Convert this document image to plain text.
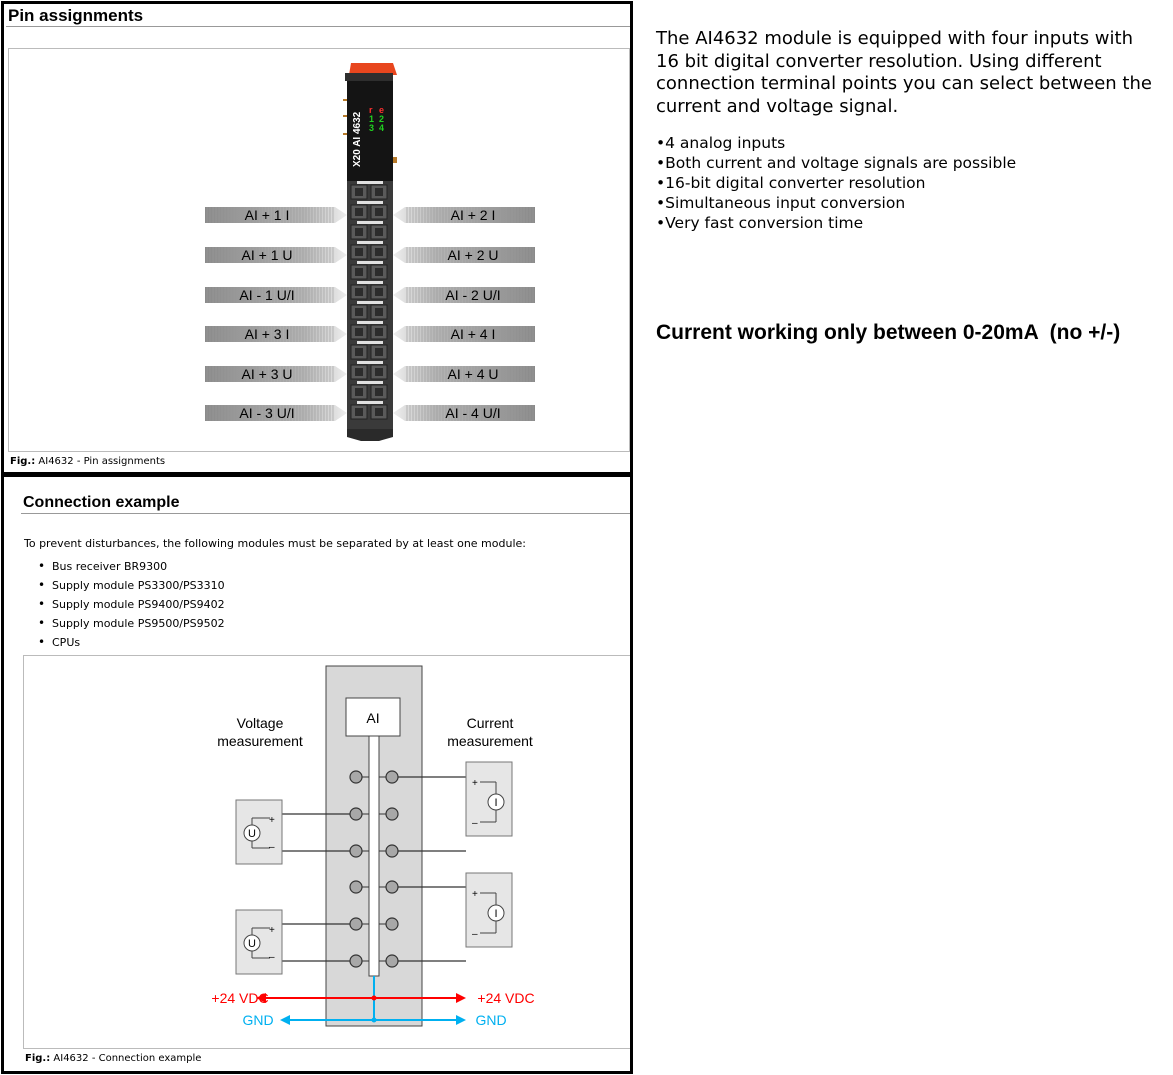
Pin assignments
X20 AI 4632
r e
1 2
3 4
AI + 1 I
AI + 1 U
AI - 1 U/I
AI + 3 I
AI + 3 U
AI - 3 U/I
AI + 2 I
AI + 2 U
AI - 2 U/I
AI + 4 I
AI + 4 U
AI - 4 U/I
Fig.: AI4632 - Pin assignments
Connection example
To prevent disturbances, the following modules must be separated by at least one module:
• Bus receiver BR9300
• Supply module PS3300/PS3310
• Supply module PS9400/PS9402
• Supply module PS9500/PS9502
• CPUs
AI
Voltage
measurement
Current
measurement
U
+
–
U
+
–
I
+
–
I
+
–
+24 VDC	+24 VDC
GND	GND
Fig.: AI4632 - Connection example
The AI4632 module is equipped with four inputs with 16 bit digital converter resolution. Using different connection terminal points you can select between the current and voltage signal.
•4 analog inputs
•Both current and voltage signals are possible
•16-bit digital converter resolution
•Simultaneous input conversion
•Very fast conversion time
Current working only between 0-20mA  (no +/-)
